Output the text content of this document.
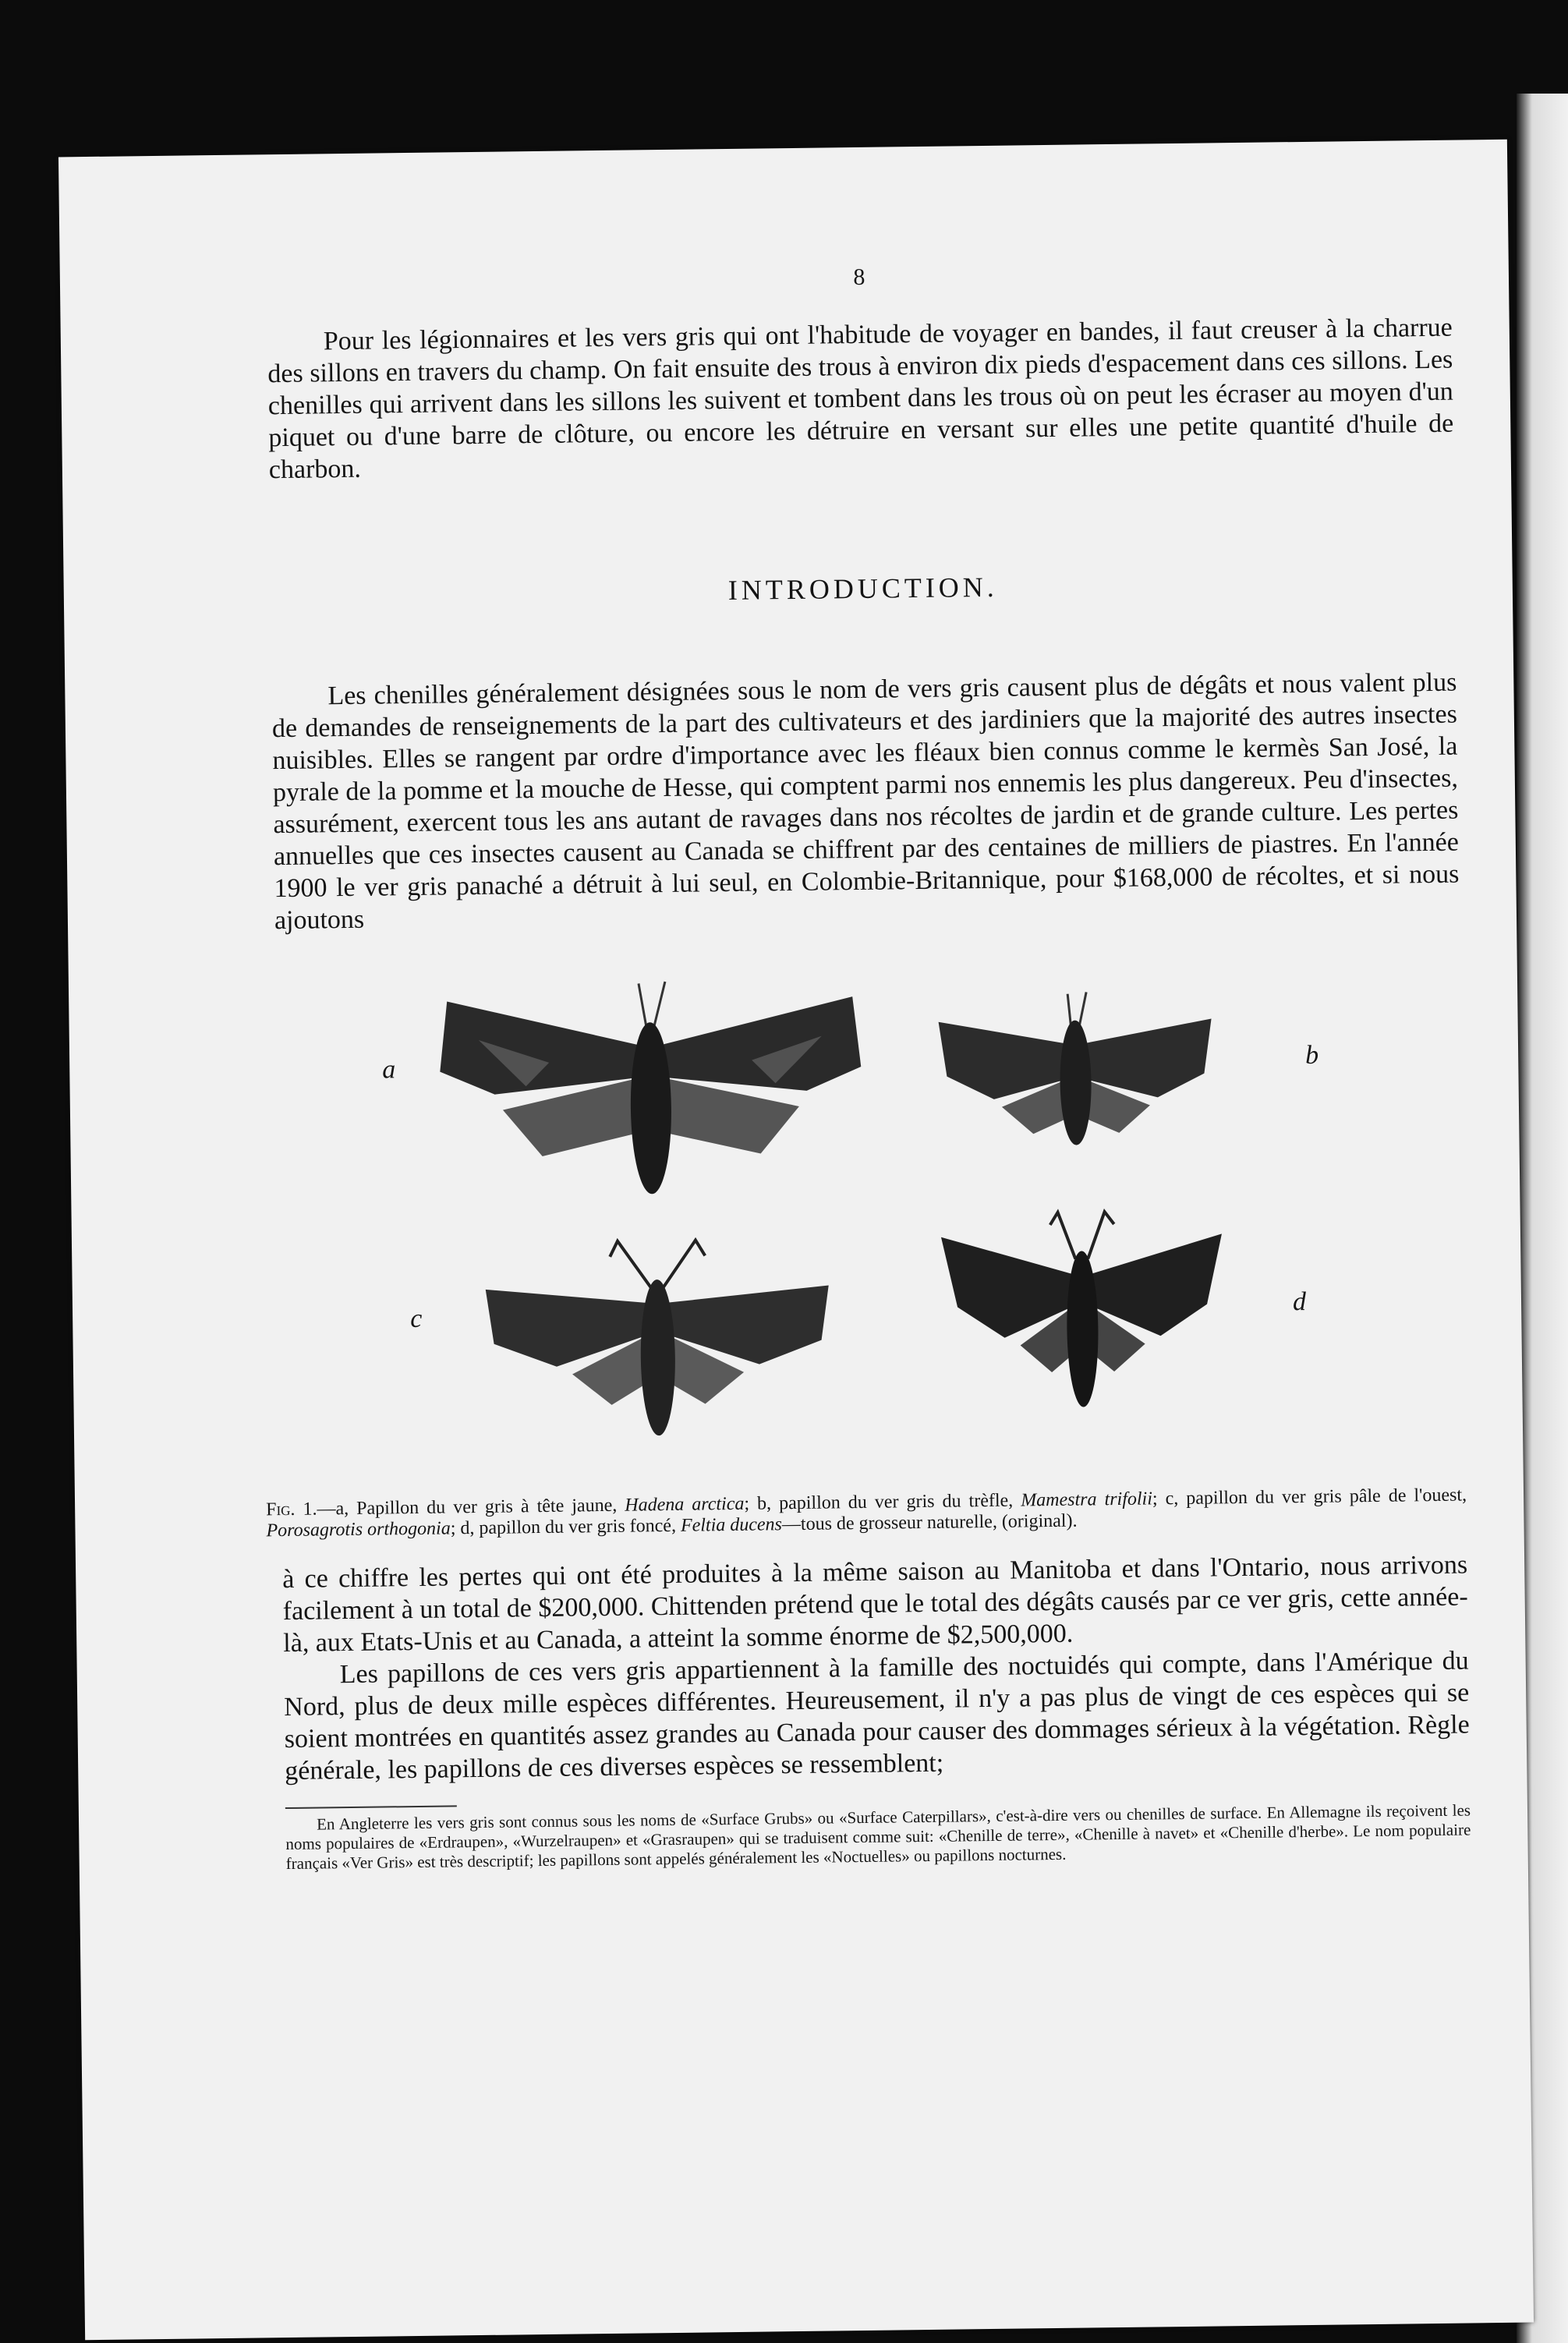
8

Pour les légionnaires et les vers gris qui ont l'habitude de voyager en bandes, il faut creuser à la charrue des sillons en travers du champ. On fait ensuite des trous à environ dix pieds d'espacement dans ces sillons. Les chenilles qui arrivent dans les sillons les suivent et tombent dans les trous où on peut les écraser au moyen d'un piquet ou d'une barre de clôture, ou encore les détruire en versant sur elles une petite quantité d'huile de charbon.

INTRODUCTION.

Les chenilles généralement désignées sous le nom de vers gris causent plus de dégâts et nous valent plus de demandes de renseignements de la part des cultivateurs et des jardiniers que la majorité des autres insectes nuisibles. Elles se rangent par ordre d'importance avec les fléaux bien connus comme le kermès San José, la pyrale de la pomme et la mouche de Hesse, qui comptent parmi nos ennemis les plus dangereux. Peu d'insectes, assurément, exercent tous les ans autant de ravages dans nos récoltes de jardin et de grande culture. Les pertes annuelles que ces insectes causent au Canada se chiffrent par des centaines de milliers de piastres. En l'année 1900 le ver gris panaché a détruit à lui seul, en Colombie-Britannique, pour $168,000 de récoltes, et si nous ajoutons

a	b
c
d
Fig. 1.—a, Papillon du ver gris à tête jaune, Hadena arctica; b, papillon du ver gris du trèfle, Mamestra trifolii; c, papillon du ver gris pâle de l'ouest, Porosagrotis orthogonia; d, papillon du ver gris foncé, Feltia ducens—tous de grosseur naturelle, (original).

à ce chiffre les pertes qui ont été produites à la même saison au Manitoba et dans l'Ontario, nous arrivons facilement à un total de $200,000. Chittenden prétend que le total des dégâts causés par ce ver gris, cette année-là, aux Etats-Unis et au Canada, a atteint la somme énorme de $2,500,000.

Les papillons de ces vers gris appartiennent à la famille des noctuidés qui compte, dans l'Amérique du Nord, plus de deux mille espèces différentes. Heureusement, il n'y a pas plus de vingt de ces espèces qui se soient montrées en quantités assez grandes au Canada pour causer des dommages sérieux à la végétation. Règle générale, les papillons de ces diverses espèces se ressemblent;

En Angleterre les vers gris sont connus sous les noms de «Surface Grubs» ou «Surface Caterpillars», c'est-à-dire vers ou chenilles de surface. En Allemagne ils reçoivent les noms populaires de «Erdraupen», «Wurzelraupen» et «Grasraupen» qui se traduisent comme suit: «Chenille de terre», «Chenille à navet» et «Chenille d'herbe». Le nom populaire français «Ver Gris» est très descriptif; les papillons sont appelés généralement les «Noctuelles» ou papillons nocturnes.
